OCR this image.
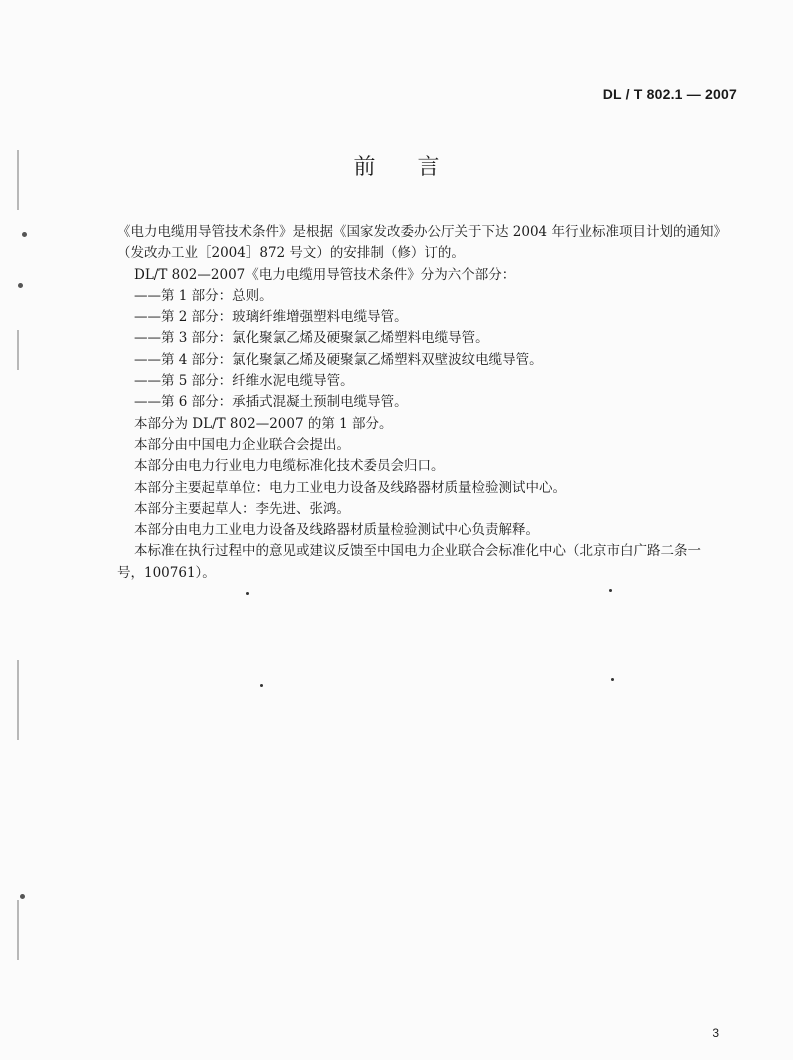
DL / T 802.1 — 2007
前言
《电力电缆用导管技术条件》是根据《国家发改委办公厅关于下达 2004 年行业标准项目计划的通知》
（发改办工业［2004］872 号文）的安排制（修）订的。
DL/T 802—2007《电力电缆用导管技术条件》分为六个部分：
——第 1 部分：总则。
——第 2 部分：玻璃纤维增强塑料电缆导管。
——第 3 部分：氯化聚氯乙烯及硬聚氯乙烯塑料电缆导管。
——第 4 部分：氯化聚氯乙烯及硬聚氯乙烯塑料双壁波纹电缆导管。
——第 5 部分：纤维水泥电缆导管。
——第 6 部分：承插式混凝土预制电缆导管。
本部分为 DL/T 802—2007 的第 1 部分。
本部分由中国电力企业联合会提出。
本部分由电力行业电力电缆标准化技术委员会归口。
本部分主要起草单位：电力工业电力设备及线路器材质量检验测试中心。
本部分主要起草人：李先进、张鸿。
本部分由电力工业电力设备及线路器材质量检验测试中心负责解释。
本标准在执行过程中的意见或建议反馈至中国电力企业联合会标准化中心（北京市白广路二条一
号，100761）。
3
